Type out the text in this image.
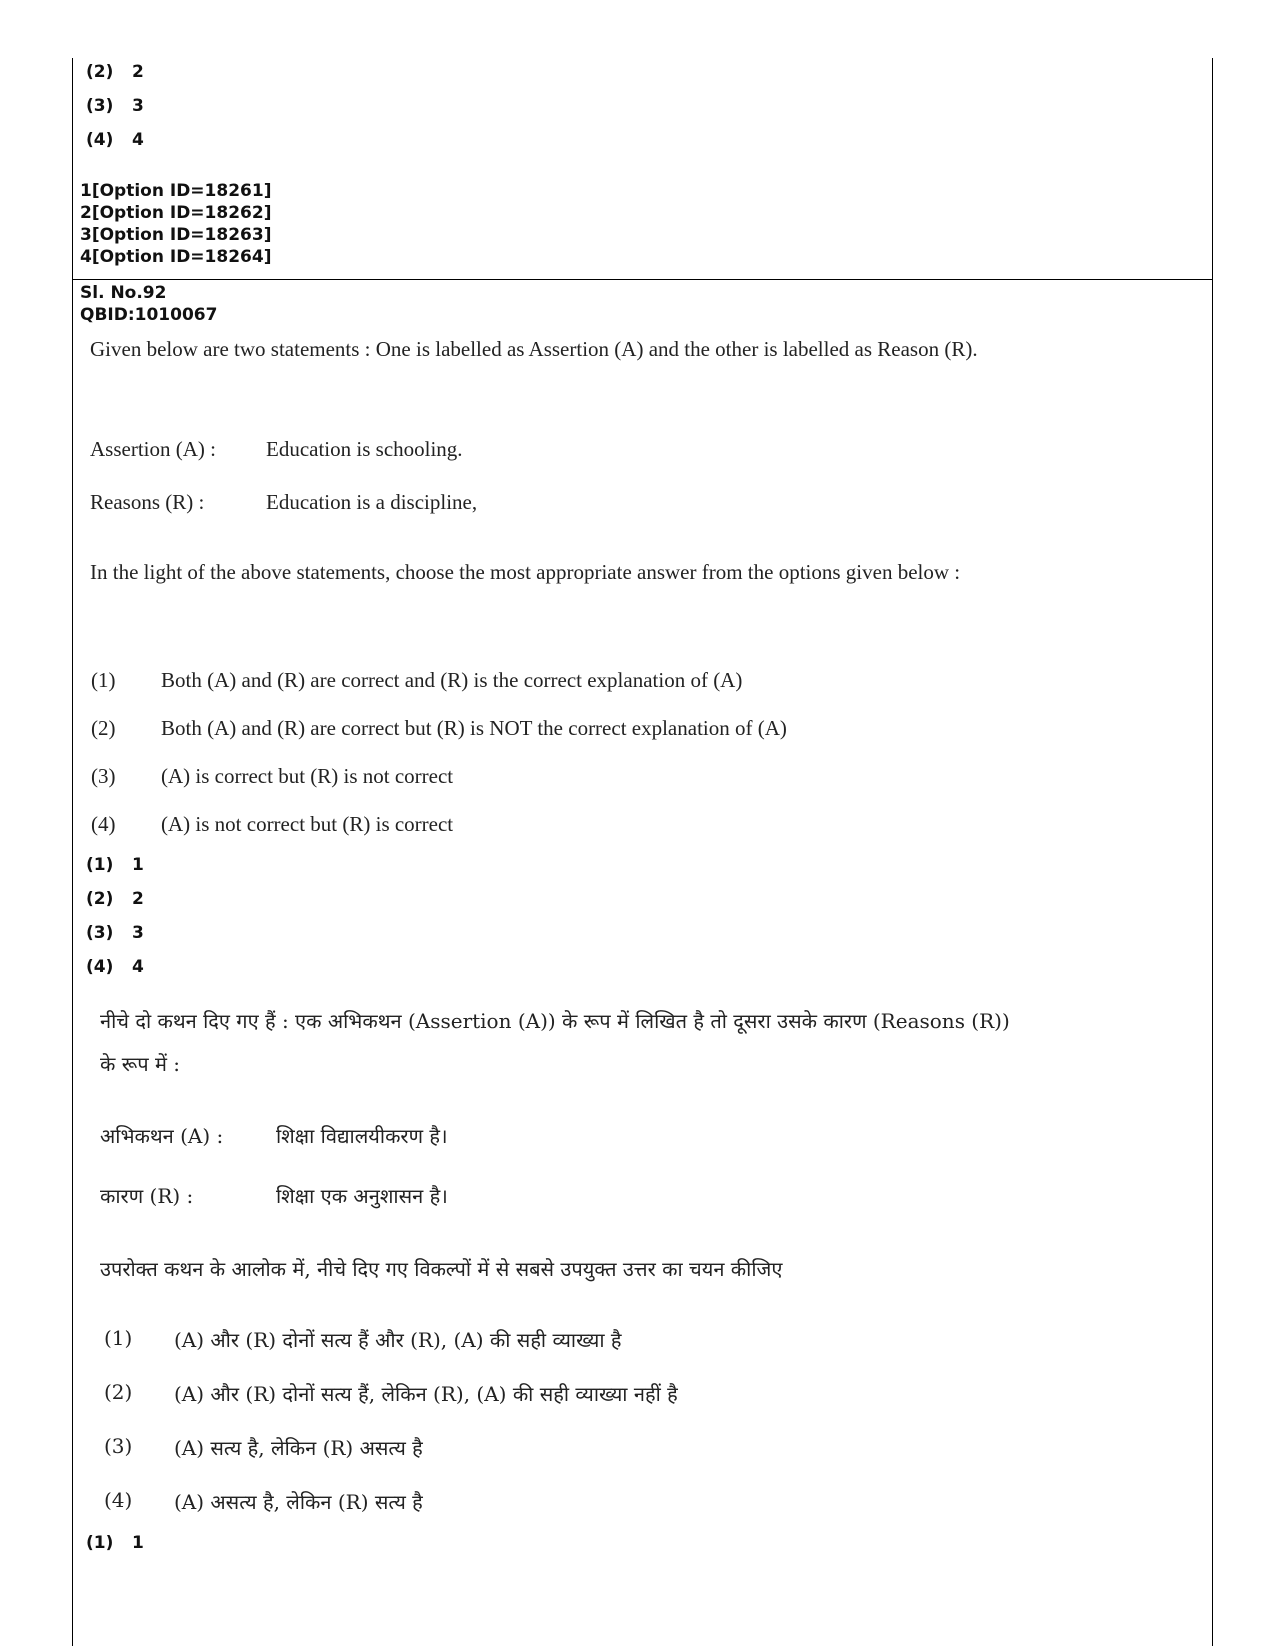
(2) 2
(3) 3
(4) 4
1[Option ID=18261]
2[Option ID=18262]
3[Option ID=18263]
4[Option ID=18264]
Sl. No.92
QBID:1010067
Given below are two statements : One is labelled as Assertion (A) and the other is labelled as Reason (R).
Assertion (A) : Education is schooling.
Reasons (R) :	Education is a discipline,
In the light of the above statements, choose the most appropriate answer from the options given below :
(1) Both (A) and (R) are correct and (R) is the correct explanation of (A)
(2) Both (A) and (R) are correct but (R) is NOT the correct explanation of (A)
(3) (A) is correct but (R) is not correct
(4) (A) is not correct but (R) is correct
(1) 1
(2) 2
(3) 3
(4) 4
नीचे दो कथन दिए गए हैं : एक अभिकथन (Assertion (A)) के रूप में लिखित है तो दूसरा उसके कारण (Reasons (R)) के रूप में :
अभिकथन (A) :	शिक्षा विद्यालयीकरण है।
कारण (R) :	शिक्षा एक अनुशासन है।
उपरोक्त कथन के आलोक में, नीचे दिए गए विकल्पों में से सबसे उपयुक्त उत्तर का चयन कीजिए
(1) (A) और (R) दोनों सत्य हैं और (R), (A) की सही व्याख्या है
(2) (A) और (R) दोनों सत्य हैं, लेकिन (R), (A) की सही व्याख्या नहीं है
(3) (A) सत्य है, लेकिन (R) असत्य है
(4) (A) असत्य है, लेकिन (R) सत्य है
(1) 1
